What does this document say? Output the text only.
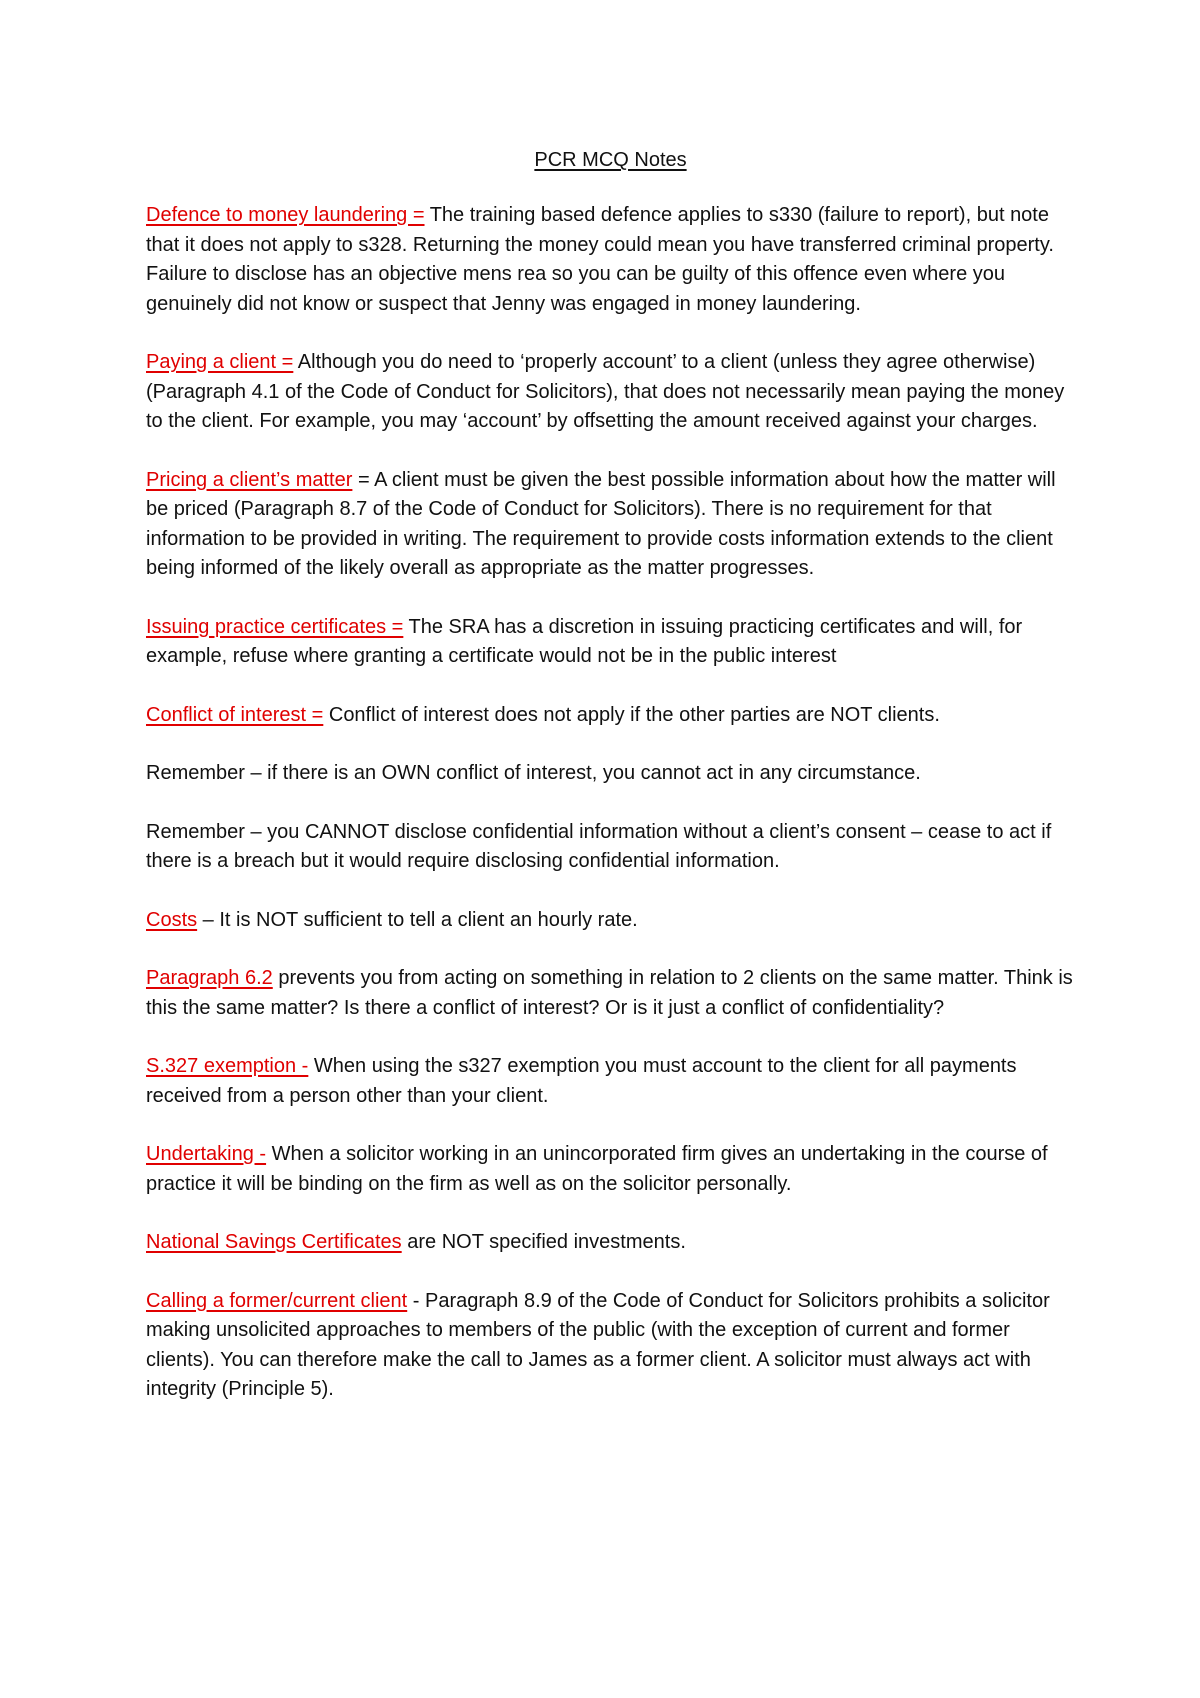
PCR MCQ Notes
Defence to money laundering = The training based defence applies to s330 (failure to report), but note that it does not apply to s328. Returning the money could mean you have transferred criminal property. Failure to disclose has an objective mens rea so you can be guilty of this offence even where you genuinely did not know or suspect that Jenny was engaged in money laundering.
Paying a client = Although you do need to ‘properly account’ to a client (unless they agree otherwise) (Paragraph 4.1 of the Code of Conduct for Solicitors), that does not necessarily mean paying the money to the client. For example, you may ‘account’ by offsetting the amount received against your charges.
Pricing a client’s matter = A client must be given the best possible information about how the matter will be priced (Paragraph 8.7 of the Code of Conduct for Solicitors). There is no requirement for that information to be provided in writing. The requirement to provide costs information extends to the client being informed of the likely overall as appropriate as the matter progresses.
Issuing practice certificates = The SRA has a discretion in issuing practicing certificates and will, for example, refuse where granting a certificate would not be in the public interest
Conflict of interest = Conflict of interest does not apply if the other parties are NOT clients.
Remember – if there is an OWN conflict of interest, you cannot act in any circumstance.
Remember – you CANNOT disclose confidential information without a client’s consent – cease to act if there is a breach but it would require disclosing confidential information.
Costs – It is NOT sufficient to tell a client an hourly rate.
Paragraph 6.2 prevents you from acting on something in relation to 2 clients on the same matter. Think is this the same matter? Is there a conflict of interest? Or is it just a conflict of confidentiality?
S.327 exemption - When using the s327 exemption you must account to the client for all payments received from a person other than your client.
Undertaking - When a solicitor working in an unincorporated firm gives an undertaking in the course of practice it will be binding on the firm as well as on the solicitor personally.
National Savings Certificates are NOT specified investments.
Calling a former/current client - Paragraph 8.9 of the Code of Conduct for Solicitors prohibits a solicitor making unsolicited approaches to members of the public (with the exception of current and former clients). You can therefore make the call to James as a former client. A solicitor must always act with integrity (Principle 5).
